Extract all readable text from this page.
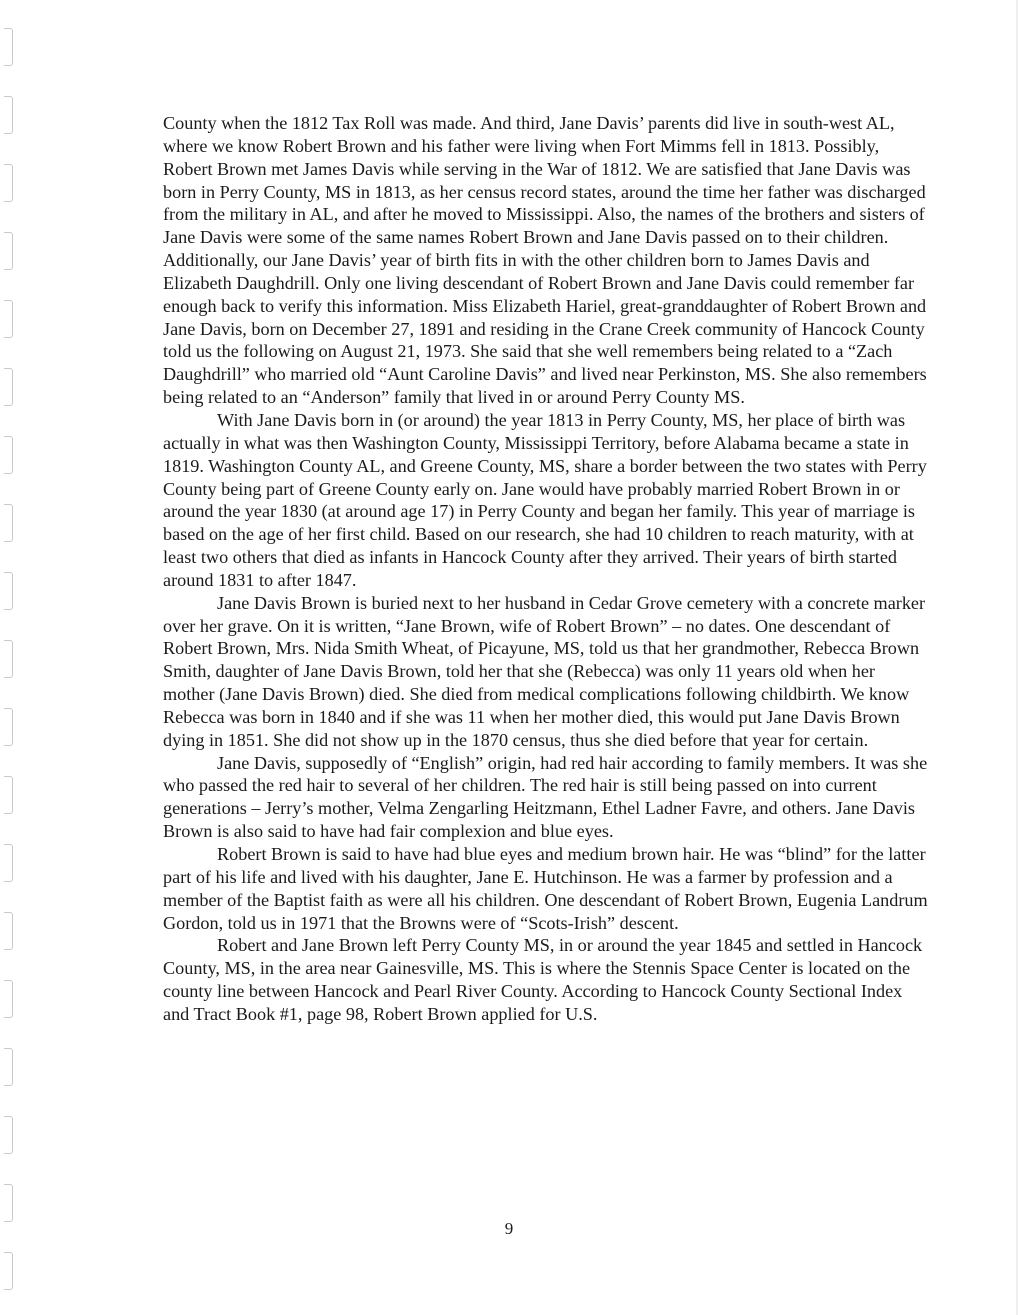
County when the 1812 Tax Roll was made. And third, Jane Davis’ parents did live in south-west AL, where we know Robert Brown and his father were living when Fort Mimms fell in 1813. Possibly, Robert Brown met James Davis while serving in the War of 1812. We are satisfied that Jane Davis was born in Perry County, MS in 1813, as her census record states, around the time her father was discharged from the military in AL, and after he moved to Mississippi. Also, the names of the brothers and sisters of Jane Davis were some of the same names Robert Brown and Jane Davis passed on to their children. Additionally, our Jane Davis’ year of birth fits in with the other children born to James Davis and Elizabeth Daughdrill. Only one living descendant of Robert Brown and Jane Davis could remember far enough back to verify this information. Miss Elizabeth Hariel, great-granddaughter of Robert Brown and Jane Davis, born on December 27, 1891 and residing in the Crane Creek community of Hancock County told us the following on August 21, 1973. She said that she well remembers being related to a “Zach Daughdrill” who married old “Aunt Caroline Davis” and lived near Perkinston, MS. She also remembers being related to an “Anderson” family that lived in or around Perry County MS.

With Jane Davis born in (or around) the year 1813 in Perry County, MS, her place of birth was actually in what was then Washington County, Mississippi Territory, before Alabama became a state in 1819. Washington County AL, and Greene County, MS, share a border between the two states with Perry County being part of Greene County early on. Jane would have probably married Robert Brown in or around the year 1830 (at around age 17) in Perry County and began her family. This year of marriage is based on the age of her first child. Based on our research, she had 10 children to reach maturity, with at least two others that died as infants in Hancock County after they arrived. Their years of birth started around 1831 to after 1847.

Jane Davis Brown is buried next to her husband in Cedar Grove cemetery with a concrete marker over her grave. On it is written, “Jane Brown, wife of Robert Brown” – no dates. One descendant of Robert Brown, Mrs. Nida Smith Wheat, of Picayune, MS, told us that her grandmother, Rebecca Brown Smith, daughter of Jane Davis Brown, told her that she (Rebecca) was only 11 years old when her mother (Jane Davis Brown) died. She died from medical complications following childbirth. We know Rebecca was born in 1840 and if she was 11 when her mother died, this would put Jane Davis Brown dying in 1851. She did not show up in the 1870 census, thus she died before that year for certain.

Jane Davis, supposedly of “English” origin, had red hair according to family members. It was she who passed the red hair to several of her children. The red hair is still being passed on into current generations – Jerry’s mother, Velma Zengarling Heitzmann, Ethel Ladner Favre, and others. Jane Davis Brown is also said to have had fair complexion and blue eyes.

Robert Brown is said to have had blue eyes and medium brown hair. He was “blind” for the latter part of his life and lived with his daughter, Jane E. Hutchinson. He was a farmer by profession and a member of the Baptist faith as were all his children. One descendant of Robert Brown, Eugenia Landrum Gordon, told us in 1971 that the Browns were of “Scots-Irish” descent.

Robert and Jane Brown left Perry County MS, in or around the year 1845 and settled in Hancock County, MS, in the area near Gainesville, MS. This is where the Stennis Space Center is located on the county line between Hancock and Pearl River County. According to Hancock County Sectional Index and Tract Book #1, page 98, Robert Brown applied for U.S.

9
